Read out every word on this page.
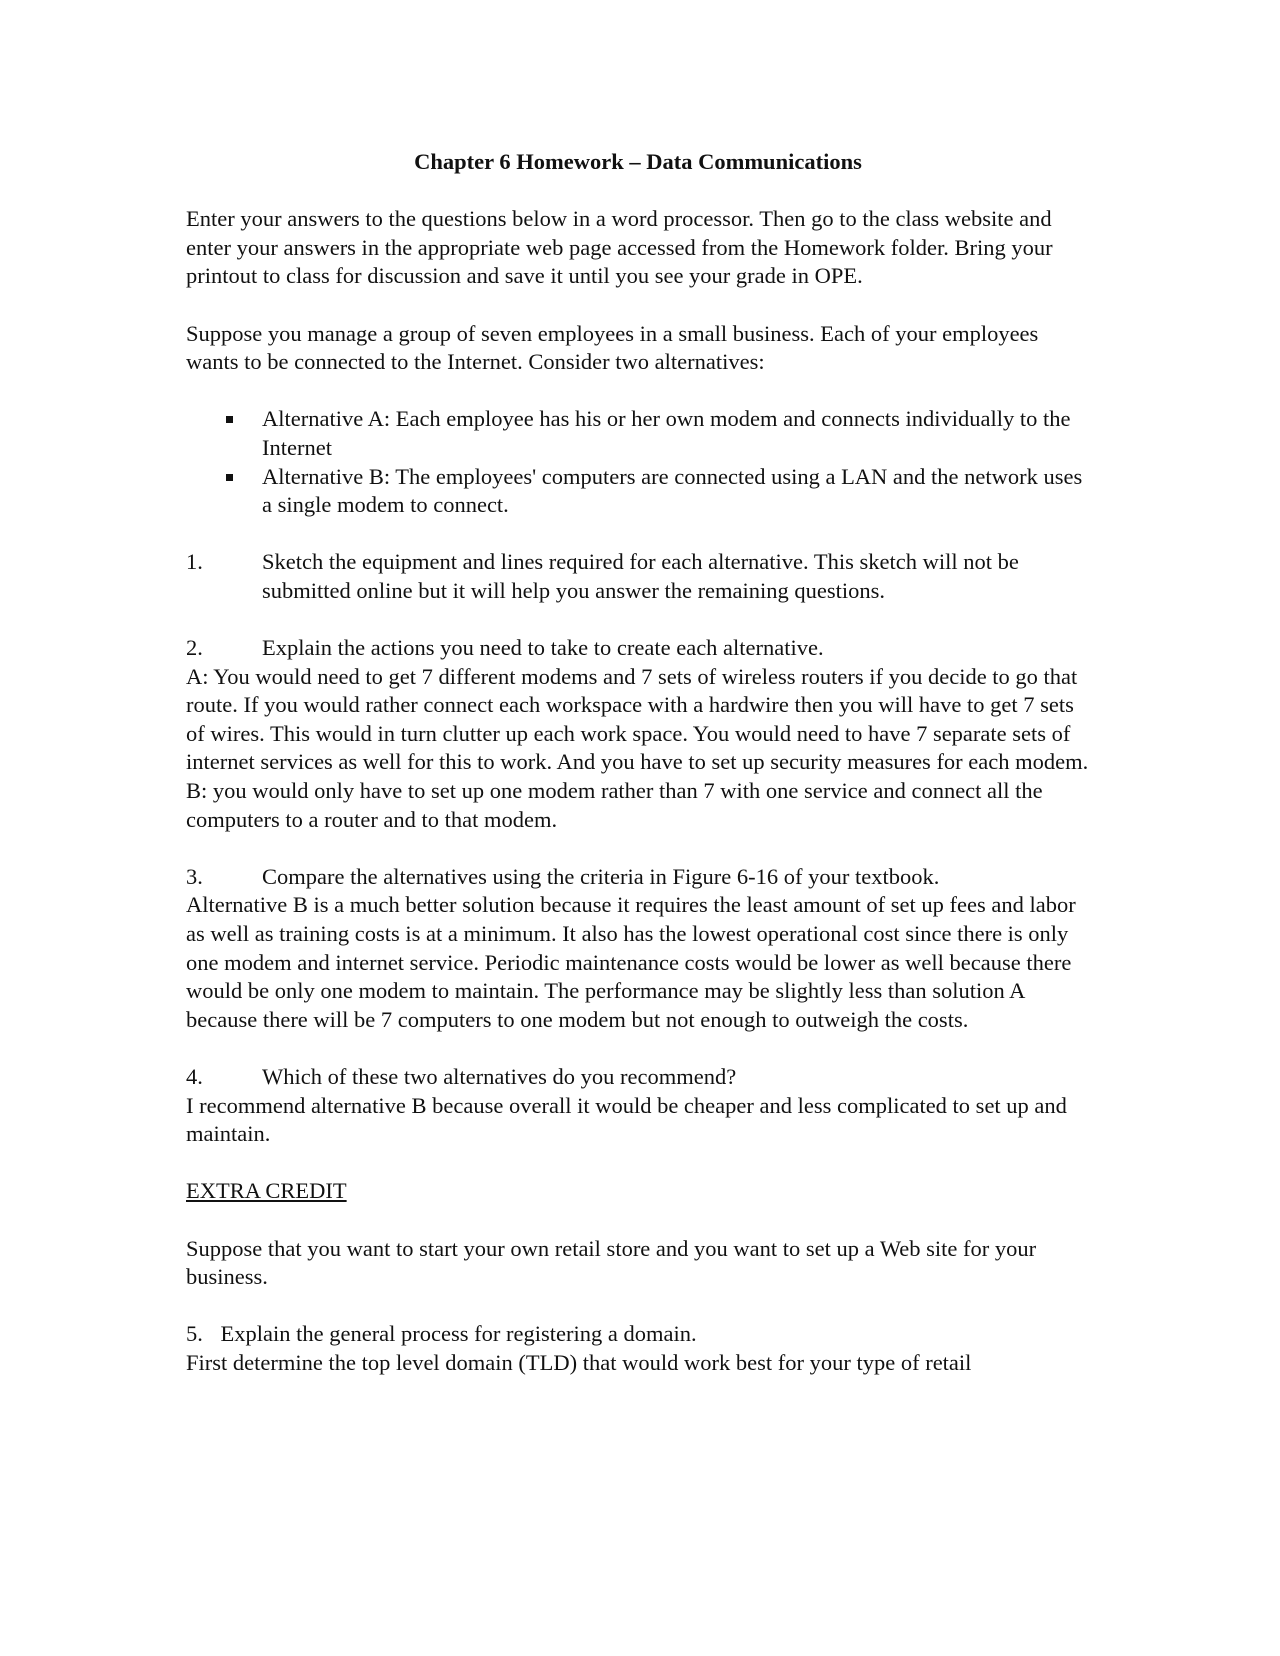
Chapter 6 Homework – Data Communications

Enter your answers to the questions below in a word processor. Then go to the class website and enter your answers in the appropriate web page accessed from the Homework folder. Bring your printout to class for discussion and save it until you see your grade in OPE.

Suppose you manage a group of seven employees in a small business. Each of your employees wants to be connected to the Internet. Consider two alternatives:

Alternative A: Each employee has his or her own modem and connects individually to the Internet
Alternative B: The employees' computers are connected using a LAN and the network uses a single modem to connect.

1.	Sketch the equipment and lines required for each alternative. This sketch will not be submitted online but it will help you answer the remaining questions.

2.	Explain the actions you need to take to create each alternative.

A: You would need to get 7 different modems and 7 sets of wireless routers if you decide to go that route. If you would rather connect each workspace with a hardwire then you will have to get 7 sets of wires. This would in turn clutter up each work space. You would need to have 7 separate sets of internet services as well for this to work. And you have to set up security measures for each modem.
B: you would only have to set up one modem rather than 7 with one service and connect all the computers to a router and to that modem.

3.	Compare the alternatives using the criteria in Figure 6-16 of your textbook.

Alternative B is a much better solution because it requires the least amount of set up fees and labor as well as training costs is at a minimum. It also has the lowest operational cost since there is only one modem and internet service. Periodic maintenance costs would be lower as well because there would be only one modem to maintain. The performance may be slightly less than solution A because there will be 7 computers to one modem but not enough to outweigh the costs.

4.	Which of these two alternatives do you recommend?

I recommend alternative B because overall it would be cheaper and less complicated to set up and maintain.

EXTRA CREDIT

Suppose that you want to start your own retail store and you want to set up a Web site for your business.

5. Explain the general process for registering a domain.
First determine the top level domain (TLD) that would work best for your type of retail
